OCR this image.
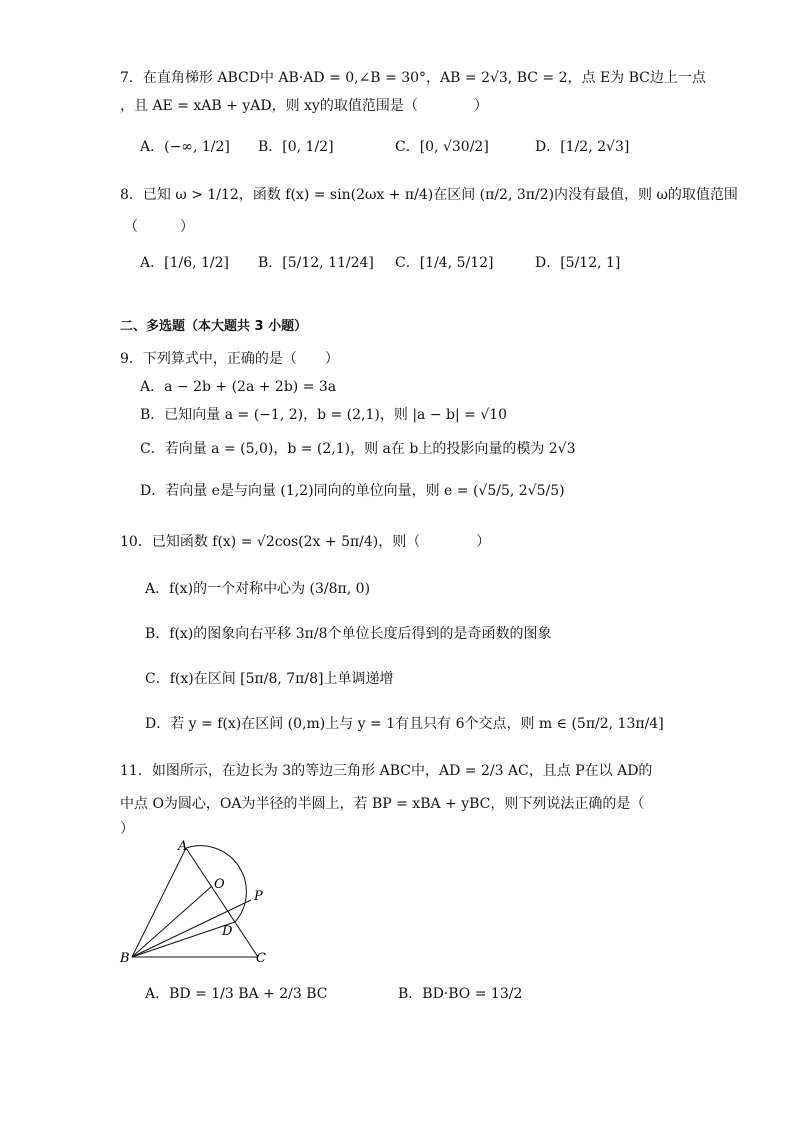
7．在直角梯形 ABCD中 AB·AD = 0,∠B = 30°，AB = 2√3, BC = 2，点 E为 BC边上一点
，且 AE = xAB + yAD，则 xy的取值范围是（　　　　）
A．(−∞, 1/2] B．[0, 1/2]	C．[0, √30/2]	D．[1/2, 2√3]
8．已知 ω > 1/12，函数 f(x) = sin(2ωx + π/4)在区间 (π/2, 3π/2)内没有最值，则 ω的取值范围
（　　　）
A．[1/6, 1/2] B．[5/12, 11/24] C．[1/4, 5/12]	D．[5/12, 1]
二、多选题（本大题共 3 小题）
9．下列算式中，正确的是（　　）
A．a − 2b + (2a + 2b) = 3a
B．已知向量 a = (−1, 2)，b = (2,1)，则 |a − b| = √10
C．若向量 a = (5,0)，b = (2,1)，则 a在 b上的投影向量的模为 2√3
D．若向量 e是与向量 (1,2)同向的单位向量，则 e = (√5/5, 2√5/5)
10．已知函数 f(x) = √2cos(2x + 5π/4)，则（　　　　）
A．f(x)的一个对称中心为 (3/8π, 0)
B．f(x)的图象向右平移 3π/8个单位长度后得到的是奇函数的图象
C．f(x)在区间 [5π/8, 7π/8]上单调递增
D．若 y = f(x)在区间 (0,m)上与 y = 1有且只有 6个交点，则 m ∈ (5π/2, 13π/4]
11．如图所示，在边长为 3的等边三角形 ABC中，AD = 2/3 AC，且点 P在以 AD的
中点 O为圆心，OA为半径的半圆上，若 BP = xBA + yBC，则下列说法正确的是（
）
A
O
P
D
B	C
A．BD = 1/3 BA + 2/3 BC	B．BD·BO = 13/2
